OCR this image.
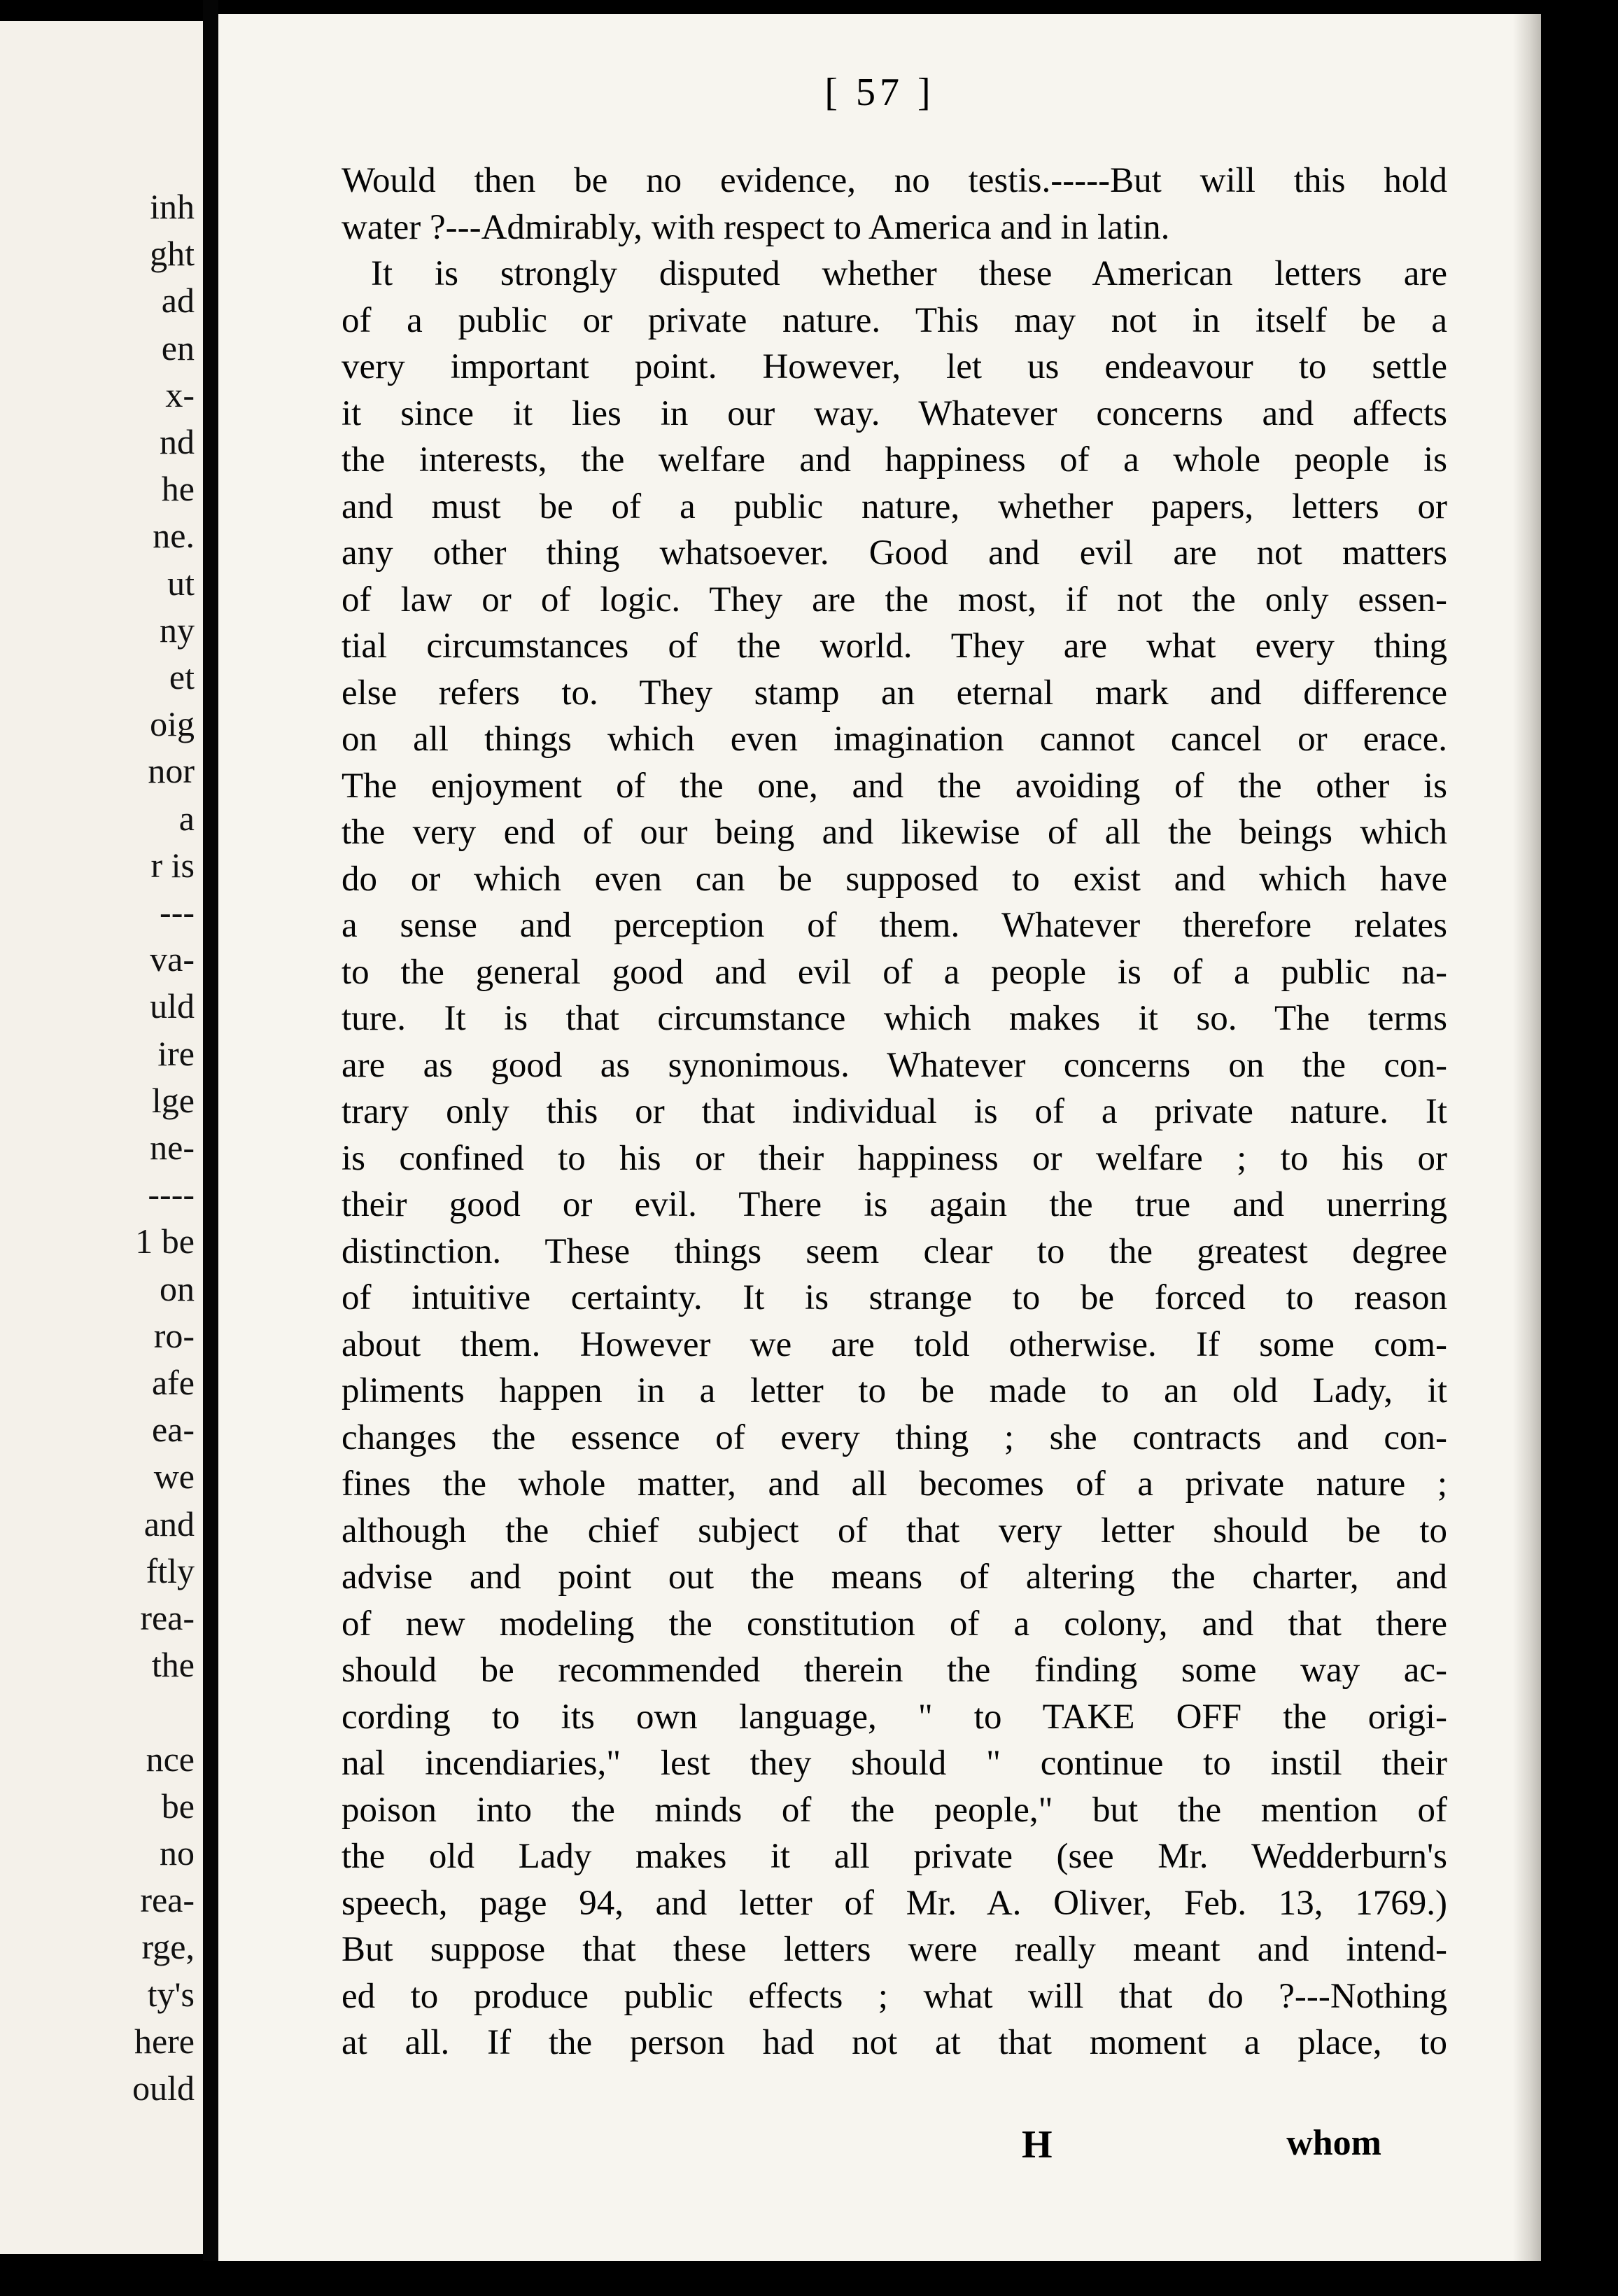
inh
ght
ad
en
x-
nd
he
ne.
ut
ny
et
oig
nor
a
r is
---
va-
uld
ire
lge
ne-
----
1 be
on
ro-
afe
ea-
we
and
ftly
rea-
the
nce
be
no
rea-
rge,
ty's
here
ould
[ 57 ]
Would then be no evidence, no testis.-----But will this hold
water ?---Admirably, with respect to America and in latin.
It is strongly disputed whether these American letters are
of a public or private nature. This may not in itself be a
very important point. However, let us endeavour to settle
it since it lies in our way. Whatever concerns and affects
the interests, the welfare and happiness of a whole people is
and must be of a public nature, whether papers, letters or
any other thing whatsoever. Good and evil are not matters
of law or of logic. They are the most, if not the only essen-
tial circumstances of the world. They are what every thing
else refers to. They stamp an eternal mark and difference
on all things which even imagination cannot cancel or erace.
The enjoyment of the one, and the avoiding of the other is
the very end of our being and likewise of all the beings which
do or which even can be supposed to exist and which have
a sense and perception of them. Whatever therefore relates
to the general good and evil of a people is of a public na-
ture. It is that circumstance which makes it so. The terms
are as good as synonimous. Whatever concerns on the con-
trary only this or that individual is of a private nature. It
is confined to his or their happiness or welfare ; to his or
their good or evil. There is again the true and unerring
distinction. These things seem clear to the greatest degree
of intuitive certainty. It is strange to be forced to reason
about them. However we are told otherwise. If some com-
pliments happen in a letter to be made to an old Lady, it
changes the essence of every thing ; she contracts and con-
fines the whole matter, and all becomes of a private nature ;
although the chief subject of that very letter should be to
advise and point out the means of altering the charter, and
of new modeling the constitution of a colony, and that there
should be recommended therein the finding some way ac-
cording to its own language, " to TAKE OFF the origi-
nal incendiaries," lest they should " continue to instil their
poison into the minds of the people," but the mention of
the old Lady makes it all private (see Mr. Wedderburn's
speech, page 94, and letter of Mr. A. Oliver, Feb. 13, 1769.)
But suppose that these letters were really meant and intend-
ed to produce public effects ; what will that do ?---Nothing
at all. If the person had not at that moment a place, to
H	whom
